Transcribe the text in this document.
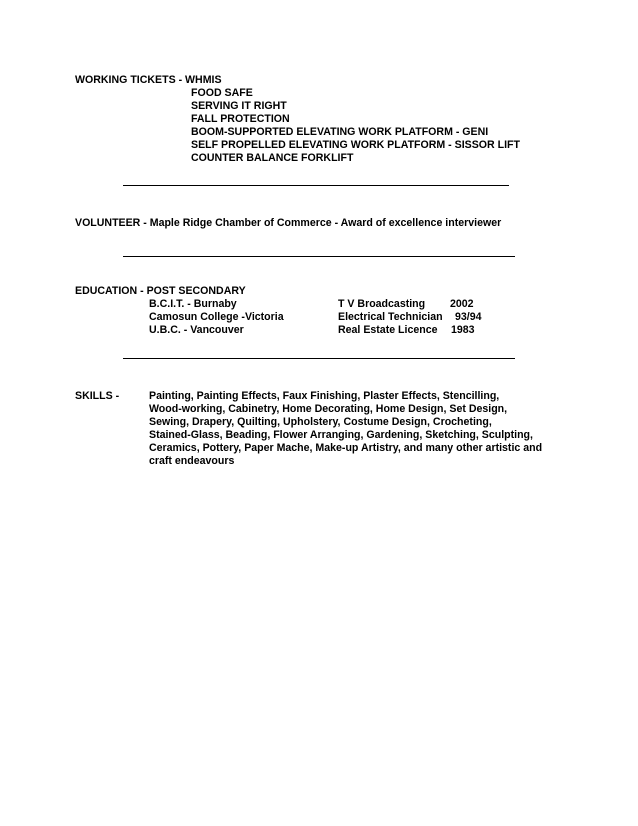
WORKING TICKETS - WHMIS
FOOD SAFE
SERVING IT RIGHT
FALL PROTECTION
BOOM-SUPPORTED ELEVATING WORK PLATFORM - GENI
SELF PROPELLED ELEVATING WORK PLATFORM - SISSOR LIFT
COUNTER BALANCE FORKLIFT
VOLUNTEER - Maple Ridge Chamber of Commerce - Award of excellence interviewer
EDUCATION - POST SECONDARY
B.C.I.T. - Burnaby
Camosun College -Victoria
U.B.C. - Vancouver
T V Broadcasting 2002
Electrical Technician 93/94
Real Estate Licence 1983
SKILLS -	Painting, Painting Effects, Faux Finishing, Plaster Effects, Stencilling,
Wood-working, Cabinetry, Home Decorating, Home Design, Set Design,
Sewing, Drapery, Quilting, Upholstery, Costume Design, Crocheting,
Stained-Glass, Beading, Flower Arranging, Gardening, Sketching, Sculpting,
Ceramics, Pottery, Paper Mache, Make-up Artistry, and many other artistic and
craft endeavours
